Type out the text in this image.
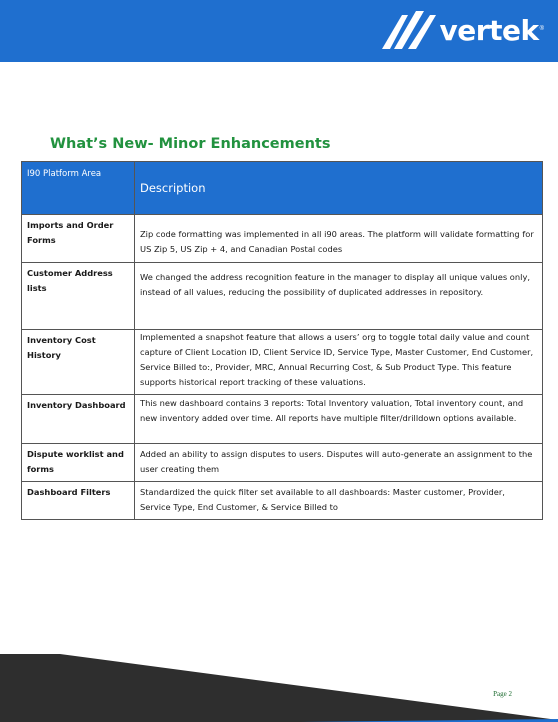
vertek ®
What’s New- Minor Enhancements
I90 Platform Area	Description
Imports and Order Forms	Zip code formatting was implemented in all i90 areas. The platform will validate formatting for US Zip 5, US Zip + 4, and Canadian Postal codes
Customer Address lists	We changed the address recognition feature in the manager to display all unique values only, instead of all values, reducing the possibility of duplicated addresses in repository.
Inventory Cost History	Implemented a snapshot feature that allows a users’ org to toggle total daily value and count capture of Client Location ID, Client Service ID, Service Type, Master Customer, End Customer, Service Billed to:, Provider, MRC, Annual Recurring Cost, & Sub Product Type. This feature supports historical report tracking of these valuations.
Inventory Dashboard	This new dashboard contains 3 reports: Total Inventory valuation, Total inventory count, and new inventory added over time. All reports have multiple filter/drilldown options available.
Dispute worklist and forms	Added an ability to assign disputes to users. Disputes will auto-generate an assignment to the user creating them
Dashboard Filters	Standardized the quick filter set available to all dashboards: Master customer, Provider, Service Type, End Customer, & Service Billed to
Page 2
